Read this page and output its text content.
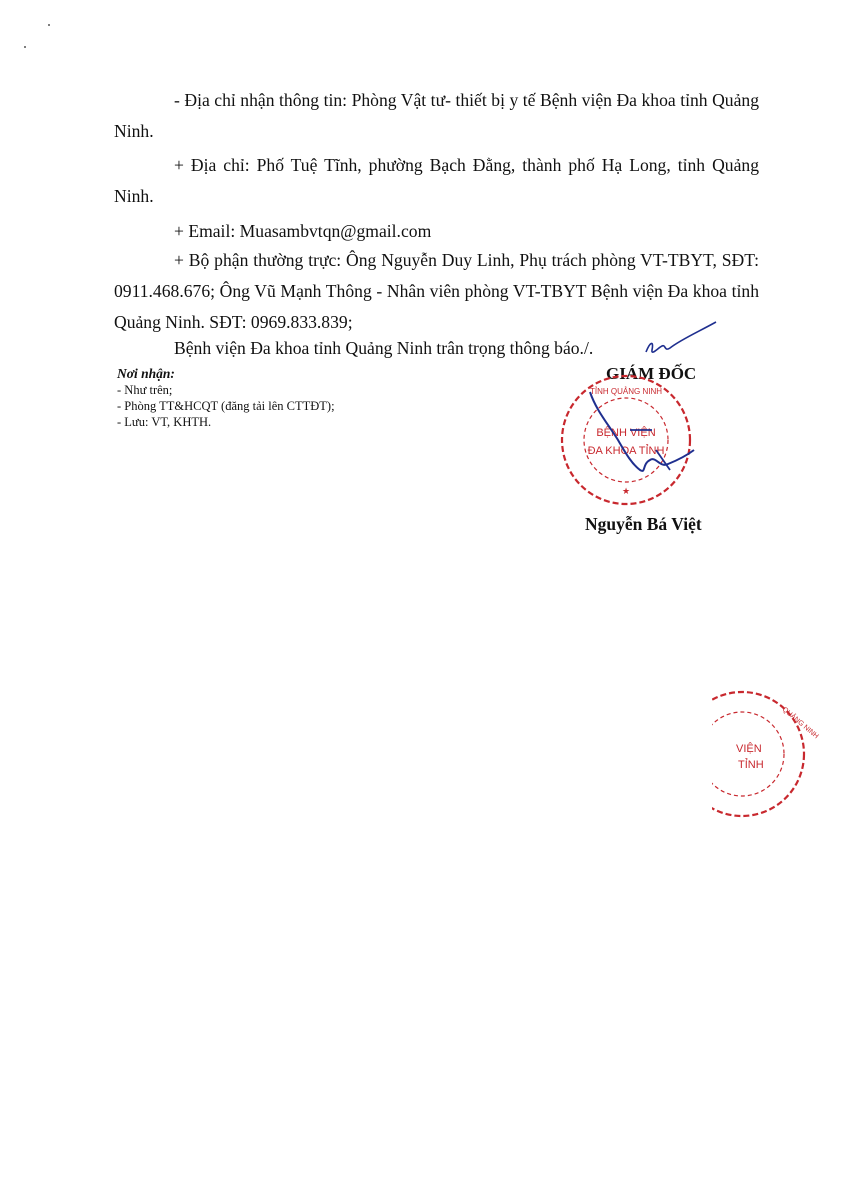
- Địa chỉ nhận thông tin: Phòng Vật tư- thiết bị y tế Bệnh viện Đa khoa tỉnh Quảng Ninh.

+ Địa chỉ: Phố Tuệ Tĩnh, phường Bạch Đằng, thành phố Hạ Long, tỉnh Quảng Ninh.

+ Email: Muasambvtqn@gmail.com

+ Bộ phận thường trực: Ông Nguyễn Duy Linh, Phụ trách phòng VT-TBYT, SĐT: 0911.468.676; Ông Vũ Mạnh Thông - Nhân viên phòng VT-TBYT Bệnh viện Đa khoa tỉnh Quảng Ninh. SĐT: 0969.833.839;

Bệnh viện Đa khoa tỉnh Quảng Ninh trân trọng thông báo./.

Nơi nhận:
- Như trên;
- Phòng TT&HCQT (đăng tải lên CTTĐT);
- Lưu: VT, KHTH.
GIÁM ĐỐC
TỈNH QUẢNG NINH
BỆNH VIỆN
ĐA KHOA TỈNH
★
Nguyễn Bá Việt
QUẢNG NINH
VIỆN
TỈNH
